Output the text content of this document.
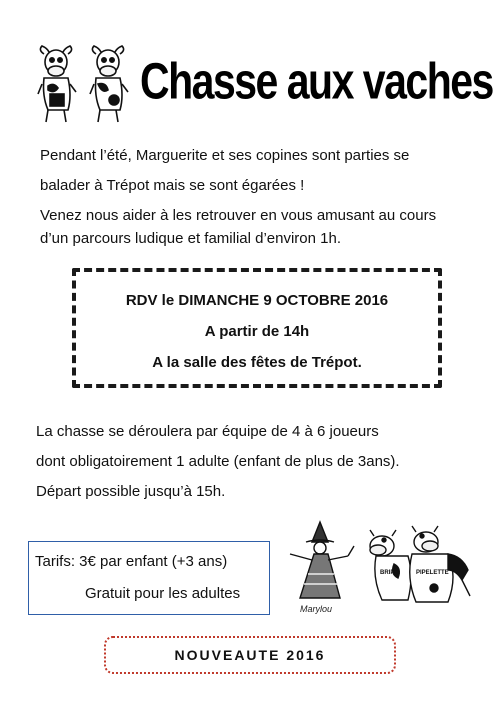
Chasse aux vaches
Pendant l’été, Marguerite et ses copines sont parties se
balader à Trépot mais se sont égarées !
Venez nous aider à les retrouver en vous amusant au cours
d’un parcours ludique et familial d’environ 1h.
RDV le DIMANCHE 9 OCTOBRE 2016
A partir de 14h
A la salle des fêtes de Trépot.
La chasse se déroulera par équipe de 4 à 6 joueurs
dont obligatoirement 1 adulte (enfant de plus de 3ans).
Départ possible jusqu’à 15h.
Tarifs: 3€ par enfant (+3 ans)
Gratuit pour les adultes
Marylou
BRIPE	PIPELETTE
NOUVEAUTE 2016
